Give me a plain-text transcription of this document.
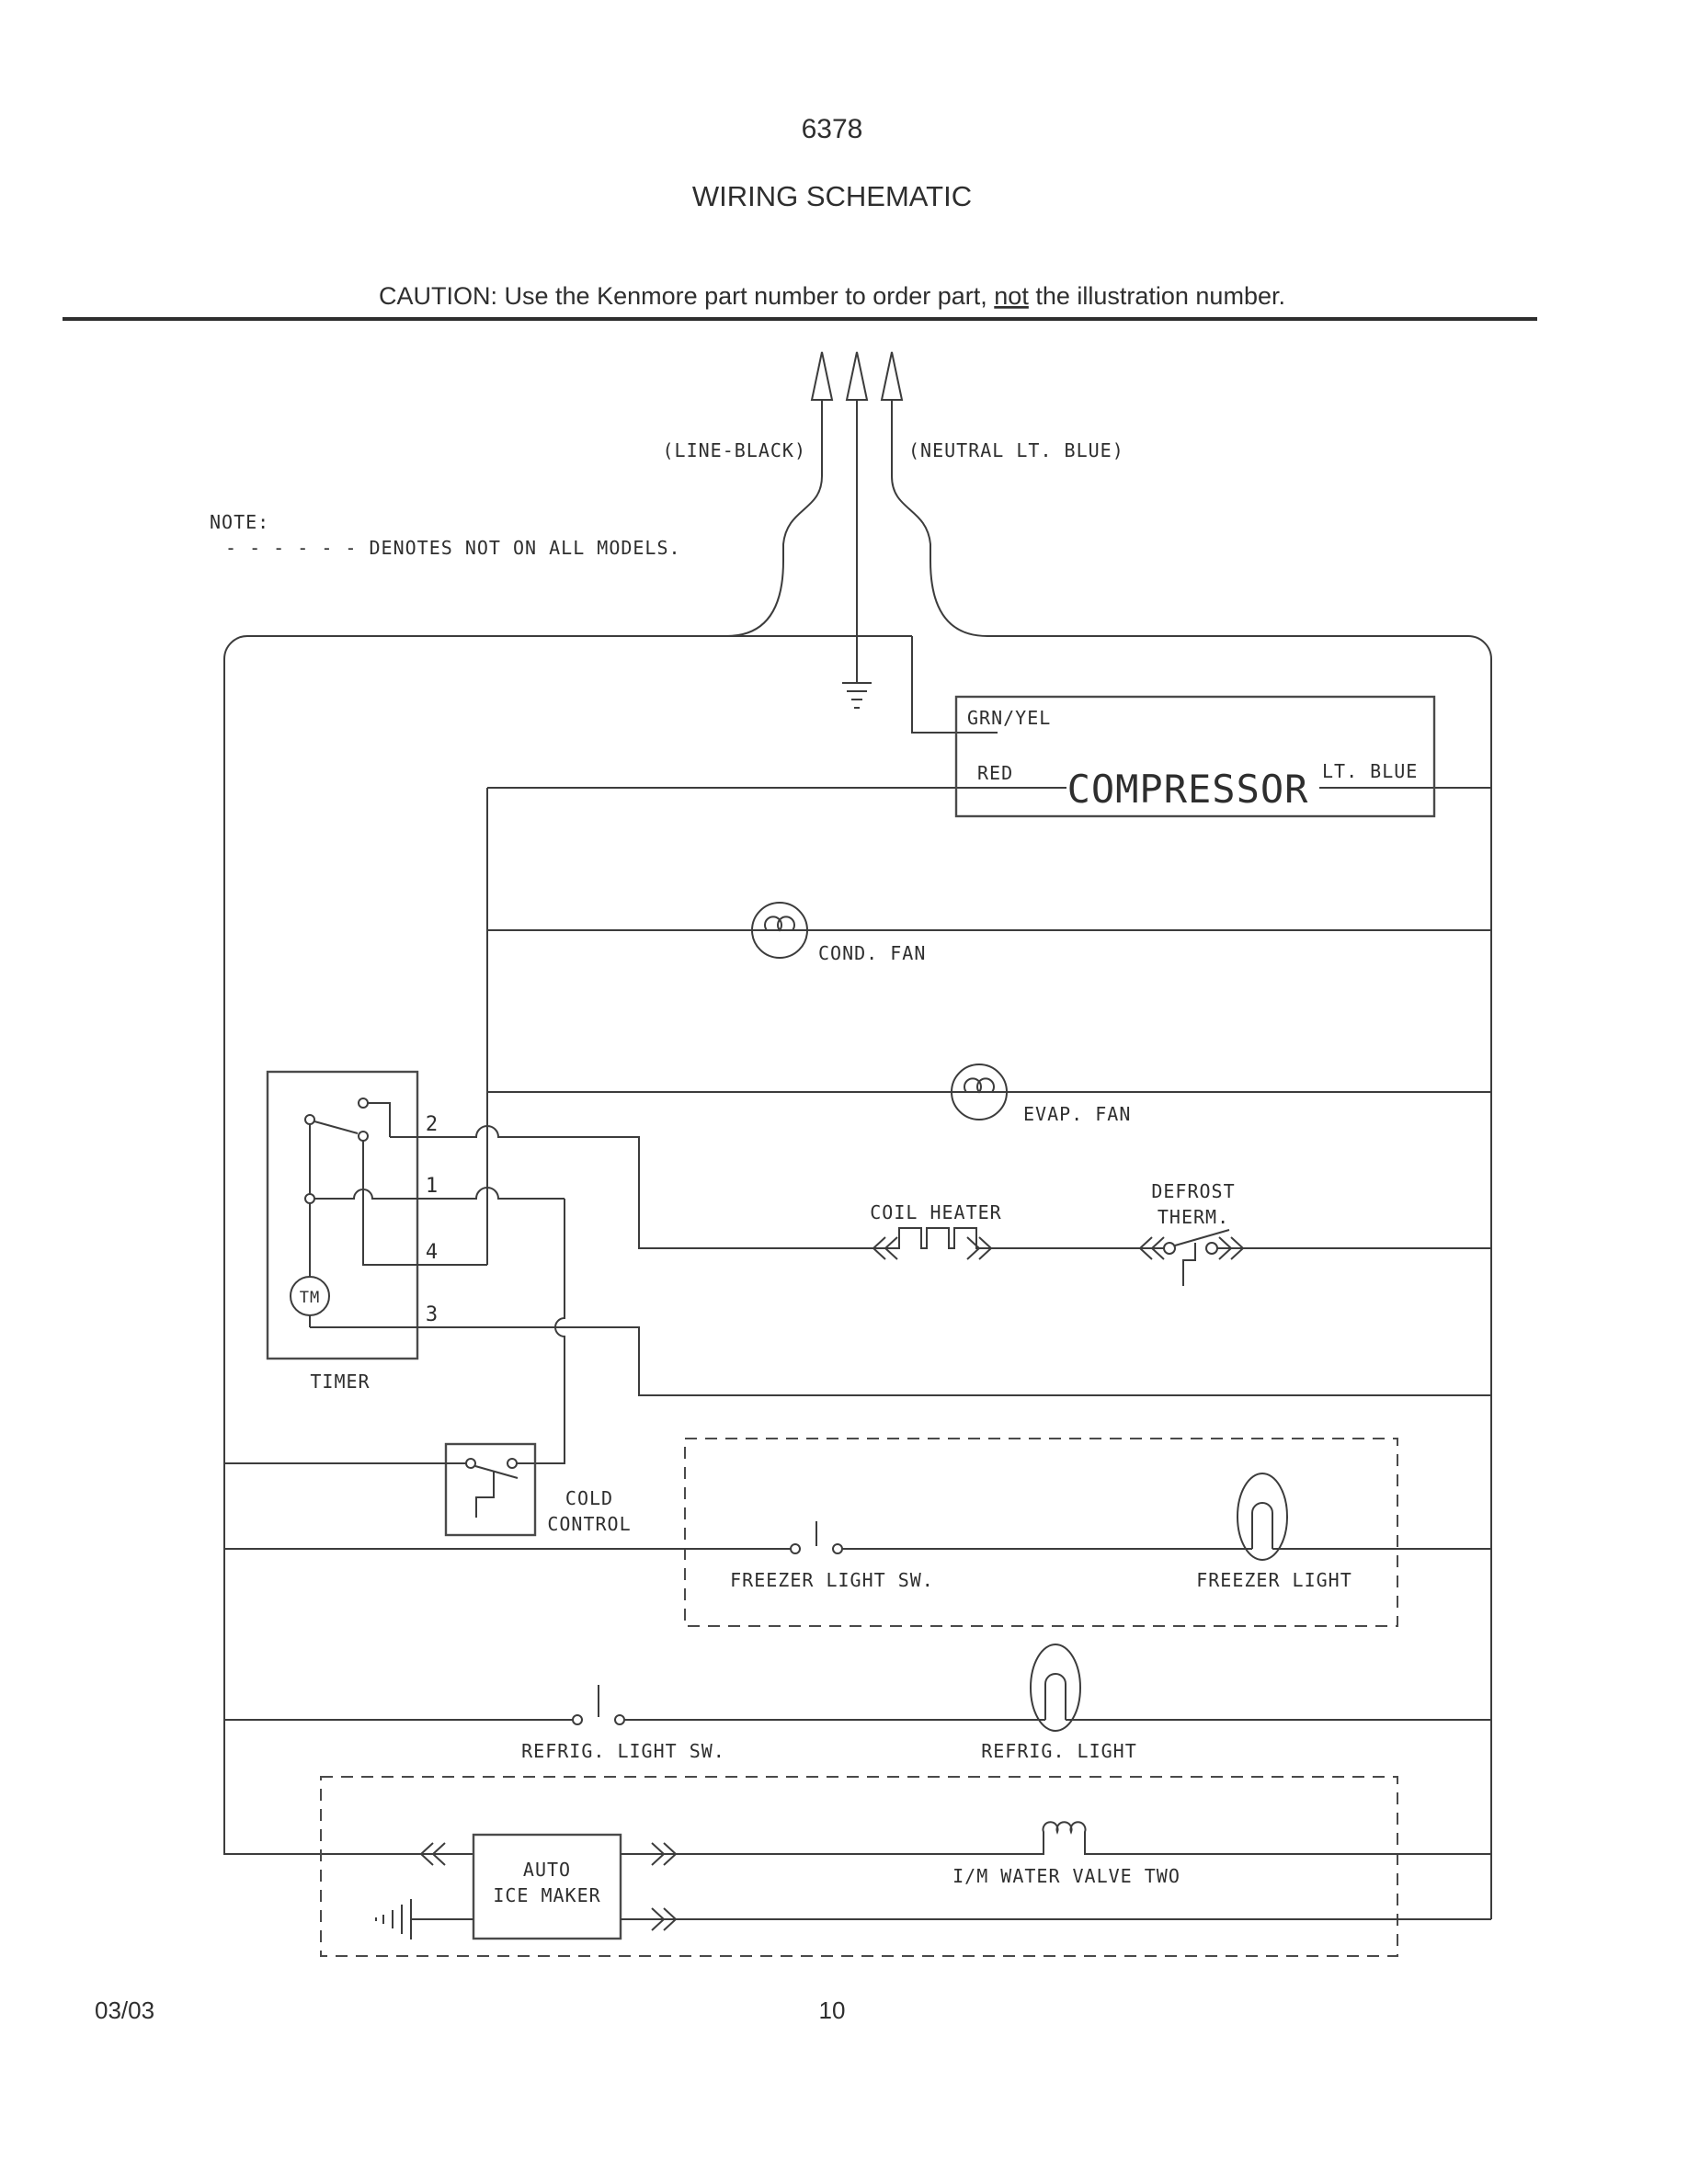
6378
WIRING SCHEMATIC
CAUTION: Use the Kenmore part number to order part, not the illustration number.
NOTE:
- - - - - - DENOTES NOT ON ALL MODELS.
(LINE-BLACK)	(NEUTRAL LT. BLUE)
GRN/YEL
RED COMPRESSOR LT. BLUE
COND. FAN
EVAP. FAN
TM
TIMER
2
1
4
3
COIL HEATER
DEFROST
THERM.
COLD
CONTROL
FREEZER LIGHT SW.	FREEZER LIGHT
REFRIG. LIGHT SW.	REFRIG. LIGHT
AUTO
ICE MAKER
I/M WATER VALVE TWO
03/03	10
